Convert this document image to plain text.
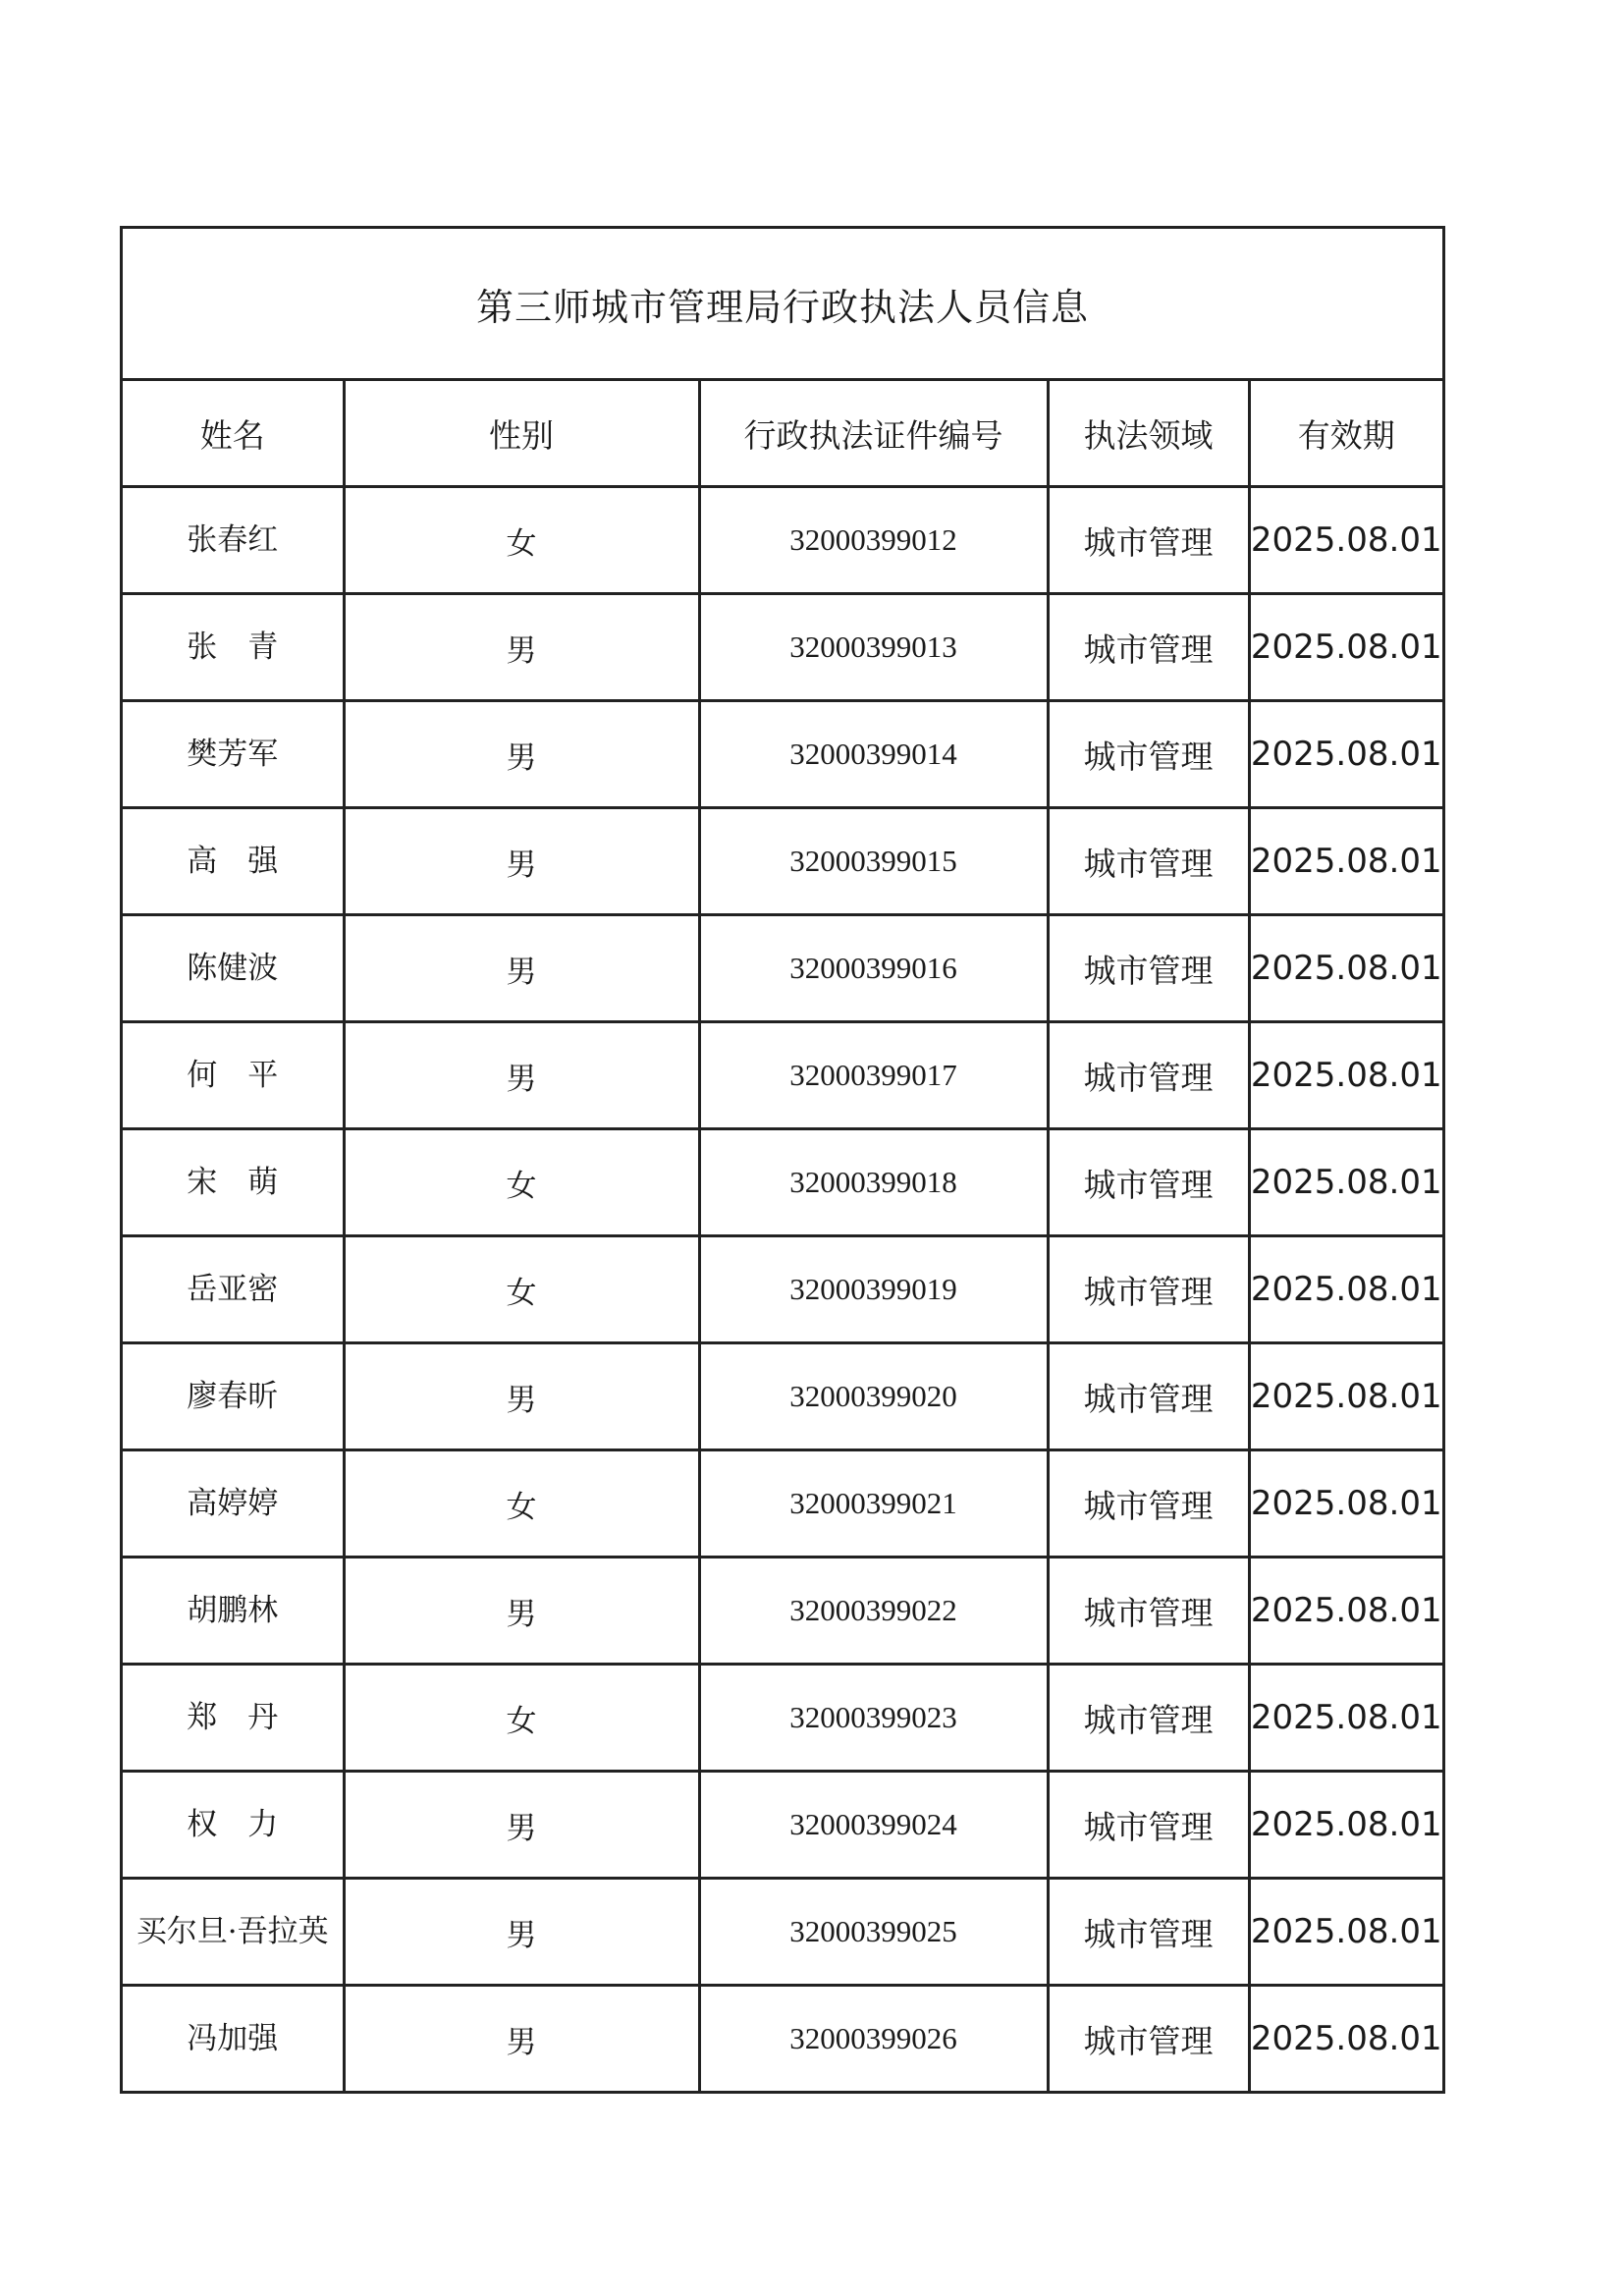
第三师城市管理局行政执法人员信息
姓名	性别	行政执法证件编号	执法领域	有效期
张春红	女	32000399012	城市管理	2025.08.01
张　青	男	32000399013	城市管理	2025.08.01
樊芳军	男	32000399014	城市管理	2025.08.01
高　强	男	32000399015	城市管理	2025.08.01
陈健波	男	32000399016	城市管理	2025.08.01
何　平	男	32000399017	城市管理	2025.08.01
宋　萌	女	32000399018	城市管理	2025.08.01
岳亚密	女	32000399019	城市管理	2025.08.01
廖春昕	男	32000399020	城市管理	2025.08.01
高婷婷	女	32000399021	城市管理	2025.08.01
胡鹏林	男	32000399022	城市管理	2025.08.01
郑　丹	女	32000399023	城市管理	2025.08.01
权　力	男	32000399024	城市管理	2025.08.01
买尔旦·吾拉英	男	32000399025	城市管理	2025.08.01
冯加强	男	32000399026	城市管理	2025.08.01
